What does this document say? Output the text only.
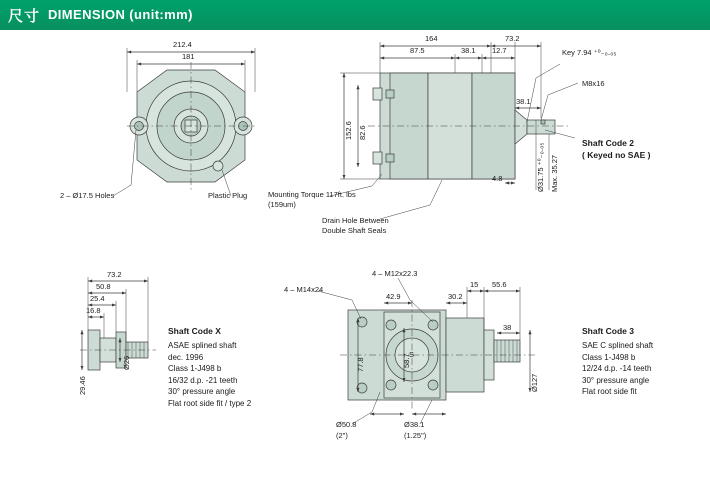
尺寸 DIMENSION (unit:mm)
212.4
181
2 – Ø17.5 Holes	Plastic Plug
164	73.2
87.5	38.1 12.7
152.6 82.6
38.1
4.8
Key 7.94 ⁺⁰₋₀․₀₅
M8x16
Ø31.75 ⁺⁰₋₀․₀₅ Max. 35.27
Mounting Torque 117ft. lbs
(159um)
Drain Hole Between
Double Shaft Seals
Shaft Code 2
( Keyed no SAE )
73.2
50.8
25.4
16.8
Ø26
29.46
Shaft Code X
ASAE splined shaft
dec. 1996
Class 1-J498 b
16/32 d.p. -21 teeth
30° pressure angle
Flat root side fit / type 2
4 – M12x22.3
4 – M14x24
42.9	30.2
15 55.6
38
77.8	58.7
Ø127
Ø50.8
(2")
Ø38.1
(1.25")
S
Shaft Code 3
SAE C splined shaft
Class 1-J498 b
12/24 d.p. -14 teeth
30° pressure angle
Flat root side fit
